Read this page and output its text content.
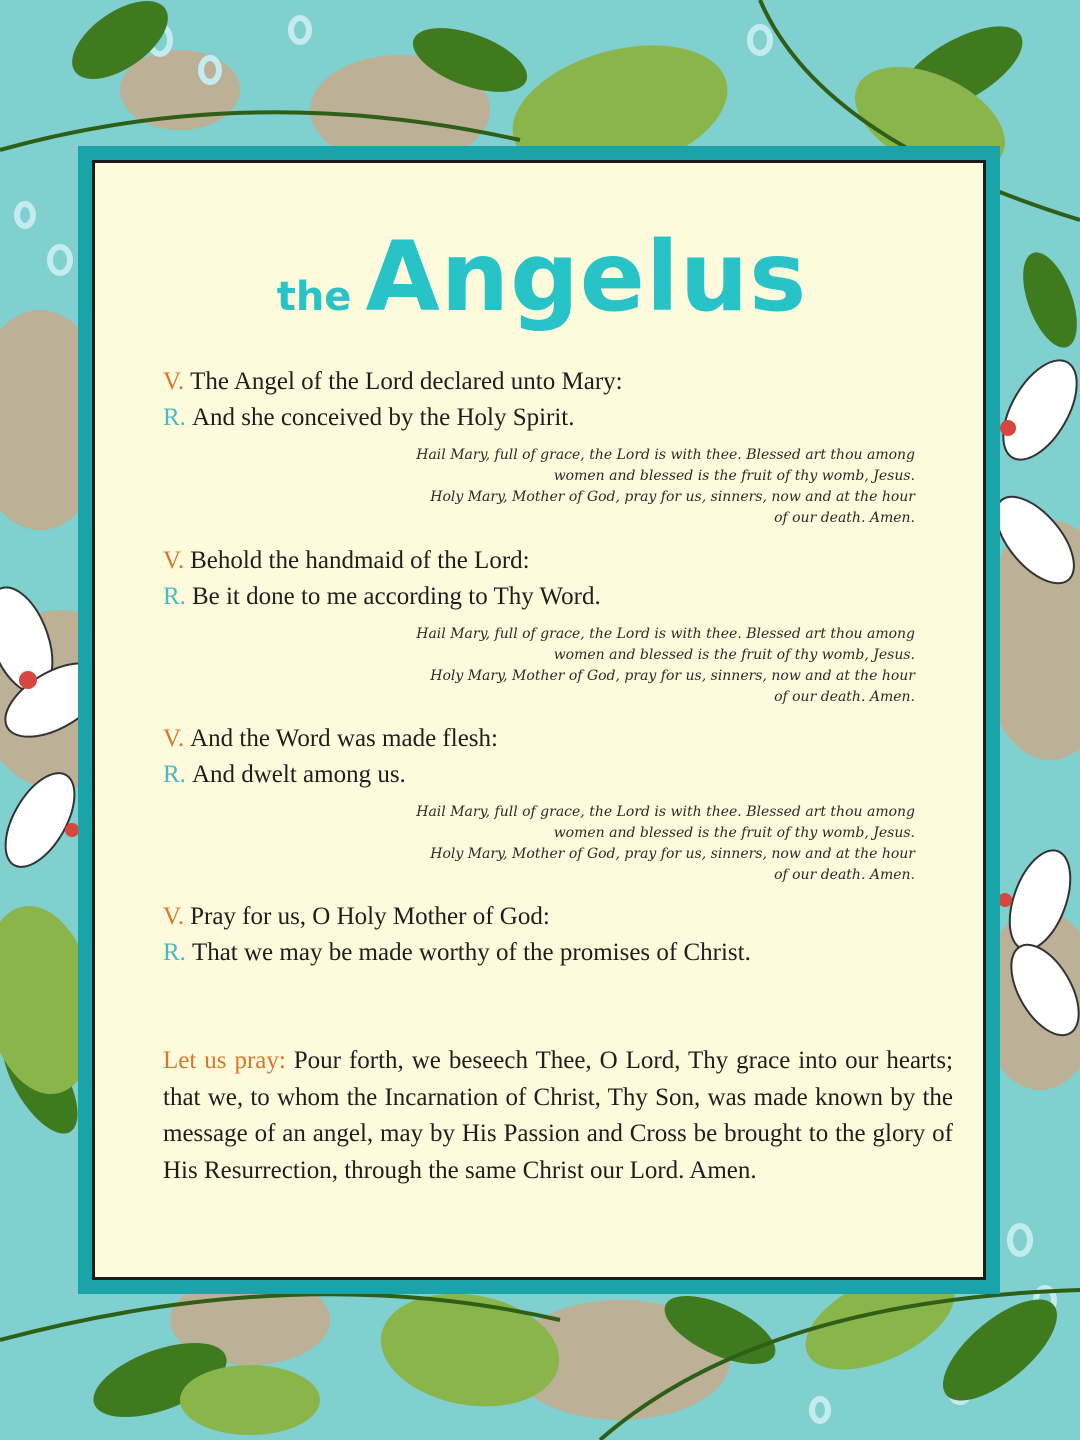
the Angelus
V. The Angel of the Lord declared unto Mary:
R. And she conceived by the Holy Spirit.
Hail Mary, full of grace, the Lord is with thee. Blessed art thou among
women and blessed is the fruit of thy womb, Jesus.
Holy Mary, Mother of God, pray for us, sinners, now and at the hour
of our death. Amen.
V. Behold the handmaid of the Lord:
R. Be it done to me according to Thy Word.
Hail Mary, full of grace, the Lord is with thee. Blessed art thou among
women and blessed is the fruit of thy womb, Jesus.
Holy Mary, Mother of God, pray for us, sinners, now and at the hour
of our death. Amen.
V. And the Word was made flesh:
R. And dwelt among us.
Hail Mary, full of grace, the Lord is with thee. Blessed art thou among
women and blessed is the fruit of thy womb, Jesus.
Holy Mary, Mother of God, pray for us, sinners, now and at the hour
of our death. Amen.
V. Pray for us, O Holy Mother of God:
R. That we may be made worthy of the promises of Christ.
Let us pray: Pour forth, we beseech Thee, O Lord, Thy grace into our hearts; that we, to whom the Incarnation of Christ, Thy Son, was made known by the message of an angel, may by His Passion and Cross be brought to the glory of His Resurrection, through the same Christ our Lord. Amen.
